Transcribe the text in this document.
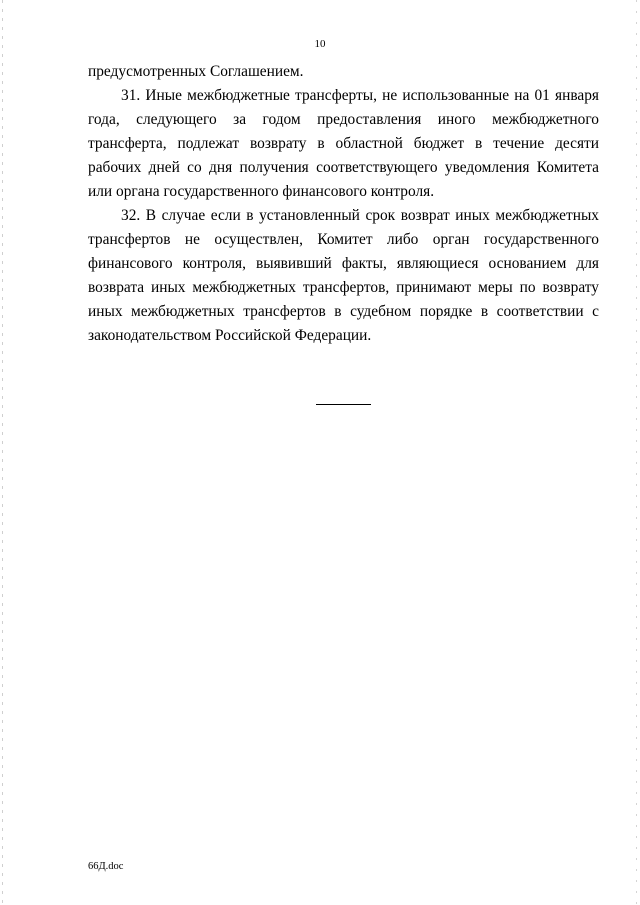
10

предусмотренных Соглашением.

31. Иные межбюджетные трансферты, не использованные на 01 января года, следующего за годом предоставления иного межбюджетного трансферта, подлежат возврату в областной бюджет в течение десяти рабочих дней со дня получения соответствующего уведомления Комитета или органа государственного финансового контроля.

32. В случае если в установленный срок возврат иных межбюджетных трансфертов не осуществлен, Комитет либо орган государственного финансового контроля, выявивший факты, являющиеся основанием для возврата иных межбюджетных трансфертов, принимают меры по возврату иных межбюджетных трансфертов в судебном порядке в соответствии с законодательством Российской Федерации.

66Д.doc
